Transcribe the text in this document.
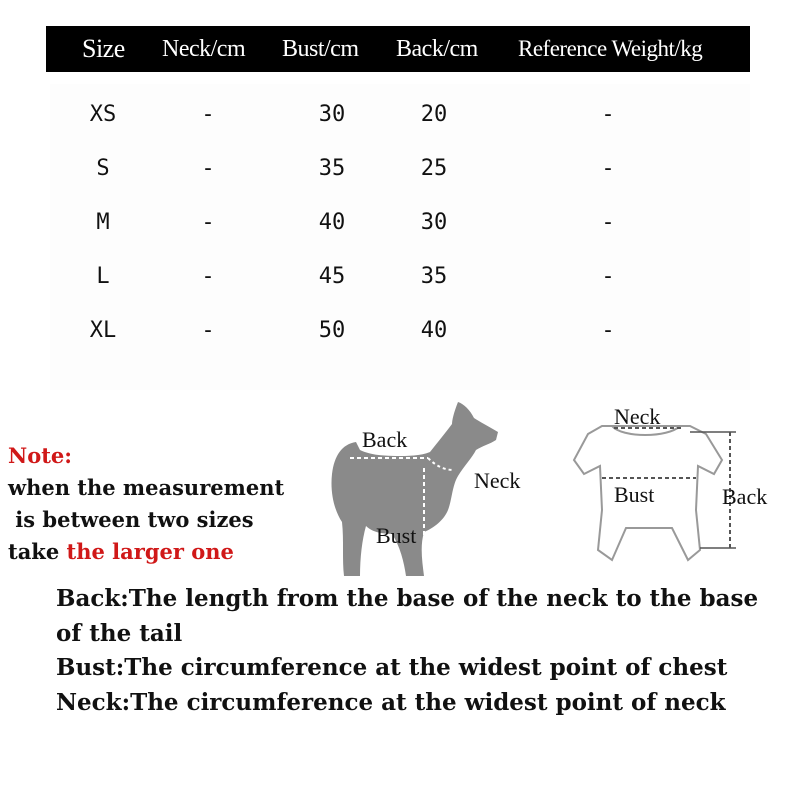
Size Neck/cm Bust/cm Back/cm Reference Weight/kg
XS	-	30	20	-
S	-	35	25	-
M	-	40	30	-
L	-	45	35	-
XL	-	50	40	-
Note:
when the measurement
is between two sizes
take the larger one
Back
Neck
Bust
Neck
Bust	Back

Back:The length from the base of the neck to the base of the tail

Bust:The circumference at the widest point of chest

Neck:The circumference at the widest point of neck
